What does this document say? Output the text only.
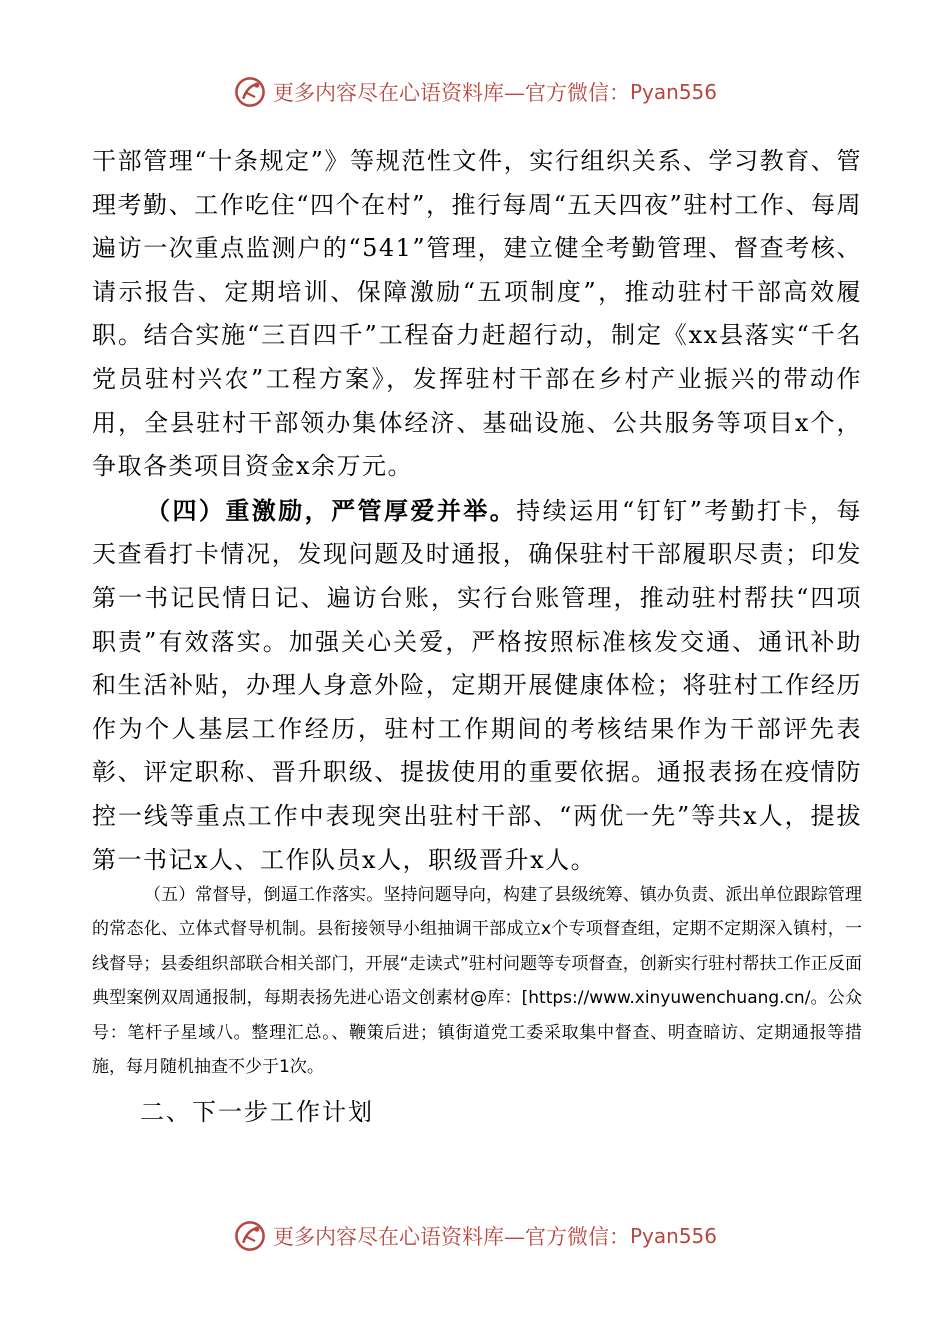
更多内容尽在心语资料库—官方微信： Pyan556

干部管理“十条规定”》等规范性文件，实行组织关系、学习教育、管理考勤、工作吃住“四个在村”，推行每周“五天四夜”驻村工作、每周遍访一次重点监测户的“541”管理，建立健全考勤管理、督查考核、请示报告、定期培训、保障激励“五项制度”，推动驻村干部高效履职。结合实施“三百四千”工程奋力赶超行动，制定《xx县落实“千名党员驻村兴农”工程方案》，发挥驻村干部在乡村产业振兴的带动作用，全县驻村干部领办集体经济、基础设施、公共服务等项目x个，争取各类项目资金x余万元。

（四）重激励，严管厚爱并举。持续运用“钉钉”考勤打卡，每天查看打卡情况，发现问题及时通报，确保驻村干部履职尽责；印发第一书记民情日记、遍访台账，实行台账管理，推动驻村帮扶“四项职责”有效落实。加强关心关爱，严格按照标准核发交通、通讯补助和生活补贴，办理人身意外险，定期开展健康体检；将驻村工作经历作为个人基层工作经历，驻村工作期间的考核结果作为干部评先表彰、评定职称、晋升职级、提拔使用的重要依据。通报表扬在疫情防控一线等重点工作中表现突出驻村干部、“两优一先”等共x人，提拔第一书记x人、工作队员x人，职级晋升x人。

（五）常督导，倒逼工作落实。坚持问题导向，构建了县级统筹、镇办负责、派出单位跟踪管理的常态化、立体式督导机制。县衔接领导小组抽调干部成立x个专项督查组，定期不定期深入镇村，一线督导；县委组织部联合相关部门，开展“走读式”驻村问题等专项督查，创新实行驻村帮扶工作正反面典型案例双周通报制，每期表扬先进心语文创素材@库：[https://www.xinyuwenchuang.cn/。公众号：笔杆子星域八。整理汇总。、鞭策后进；镇街道党工委采取集中督查、明查暗访、定期通报等措施，每月随机抽查不少于1次。

二、下一步工作计划
更多内容尽在心语资料库—官方微信： Pyan556
